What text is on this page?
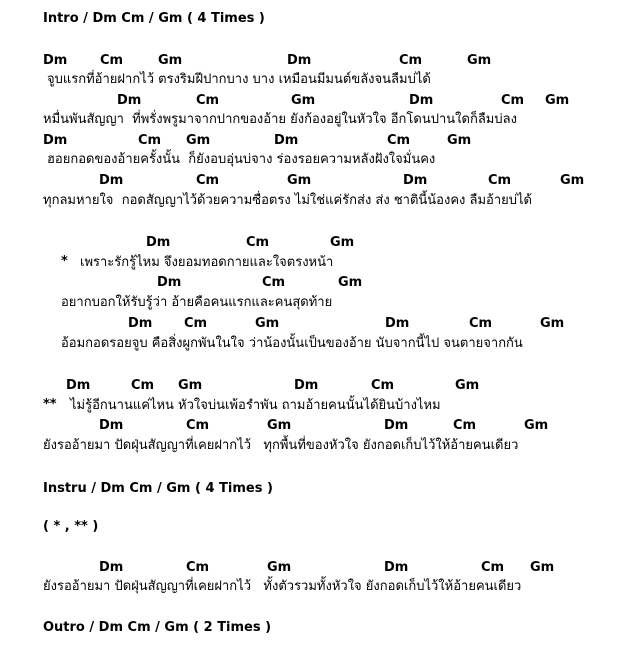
Intro / Dm Cm / Gm ( 4 Times )
Dm	Cm	Gm	Dm	Cm	Gm
จูบแรกที่อ้ายฝากไว้ ตรงริมฝีปากบาง บาง เหมือนมีมนต์ขลังจนลืมบ่ได้
Dm	Cm	Gm	Dm	Cm Gm
หมื่นพันสัญญา  ที่พรั่งพรูมาจากปากของอ้าย ยังก้องอยู่ในหัวใจ อีกโดนปานใดก็ลืมบ่ลง
Dm	Cm Gm	Dm	Cm	Gm
ฮอยกอดของอ้ายครั้งนั้น  ก็ยังอบอุ่นบ่จาง ร่องรอยความหลังฝังใจมั่นคง
Dm	Cm	Gm	Dm	Cm	Gm
ทุกลมหายใจ  กอดสัญญาไว้ด้วยความซื่อตรง ไม่ใช่แค่รักส่ง ส่ง ชาตินี้น้องคง ลืมอ้ายบ่ได้
Dm	Cm	Gm
* เพราะรักรู้ไหม จึงยอมทอดกายและใจตรงหน้า
Dm	Cm	Gm
อยากบอกให้รับรู้ว่า อ้ายคือคนแรกและคนสุดท้าย
Dm Cm	Gm	Dm	Cm	Gm
อ้อมกอดรอยจูบ คือสิ่งผูกพันในใจ ว่าน้องนั้นเป็นของอ้าย นับจากนี้ไป จนตายจากกัน
Dm	Cm Gm	Dm	Cm	Gm
** ไม่รู้อีกนานแค่ไหน หัวใจบ่นเพ้อรำพัน ถามอ้ายคนนั้นได้ยินบ้างไหม
Dm	Cm	Gm	Dm	Cm	Gm
ยังรออ้ายมา ปัดฝุ่นสัญญาที่เคยฝากไว้   ทุกพื้นที่ของหัวใจ ยังกอดเก็บไว้ให้อ้ายคนเดียว
Instru / Dm Cm / Gm ( 4 Times )
( * , ** )
Dm	Cm	Gm	Dm	Cm Gm
ยังรออ้ายมา ปัดฝุ่นสัญญาที่เคยฝากไว้   ทั้งตัวรวมทั้งหัวใจ ยังกอดเก็บไว้ให้อ้ายคนเดียว
Outro / Dm Cm / Gm ( 2 Times )
